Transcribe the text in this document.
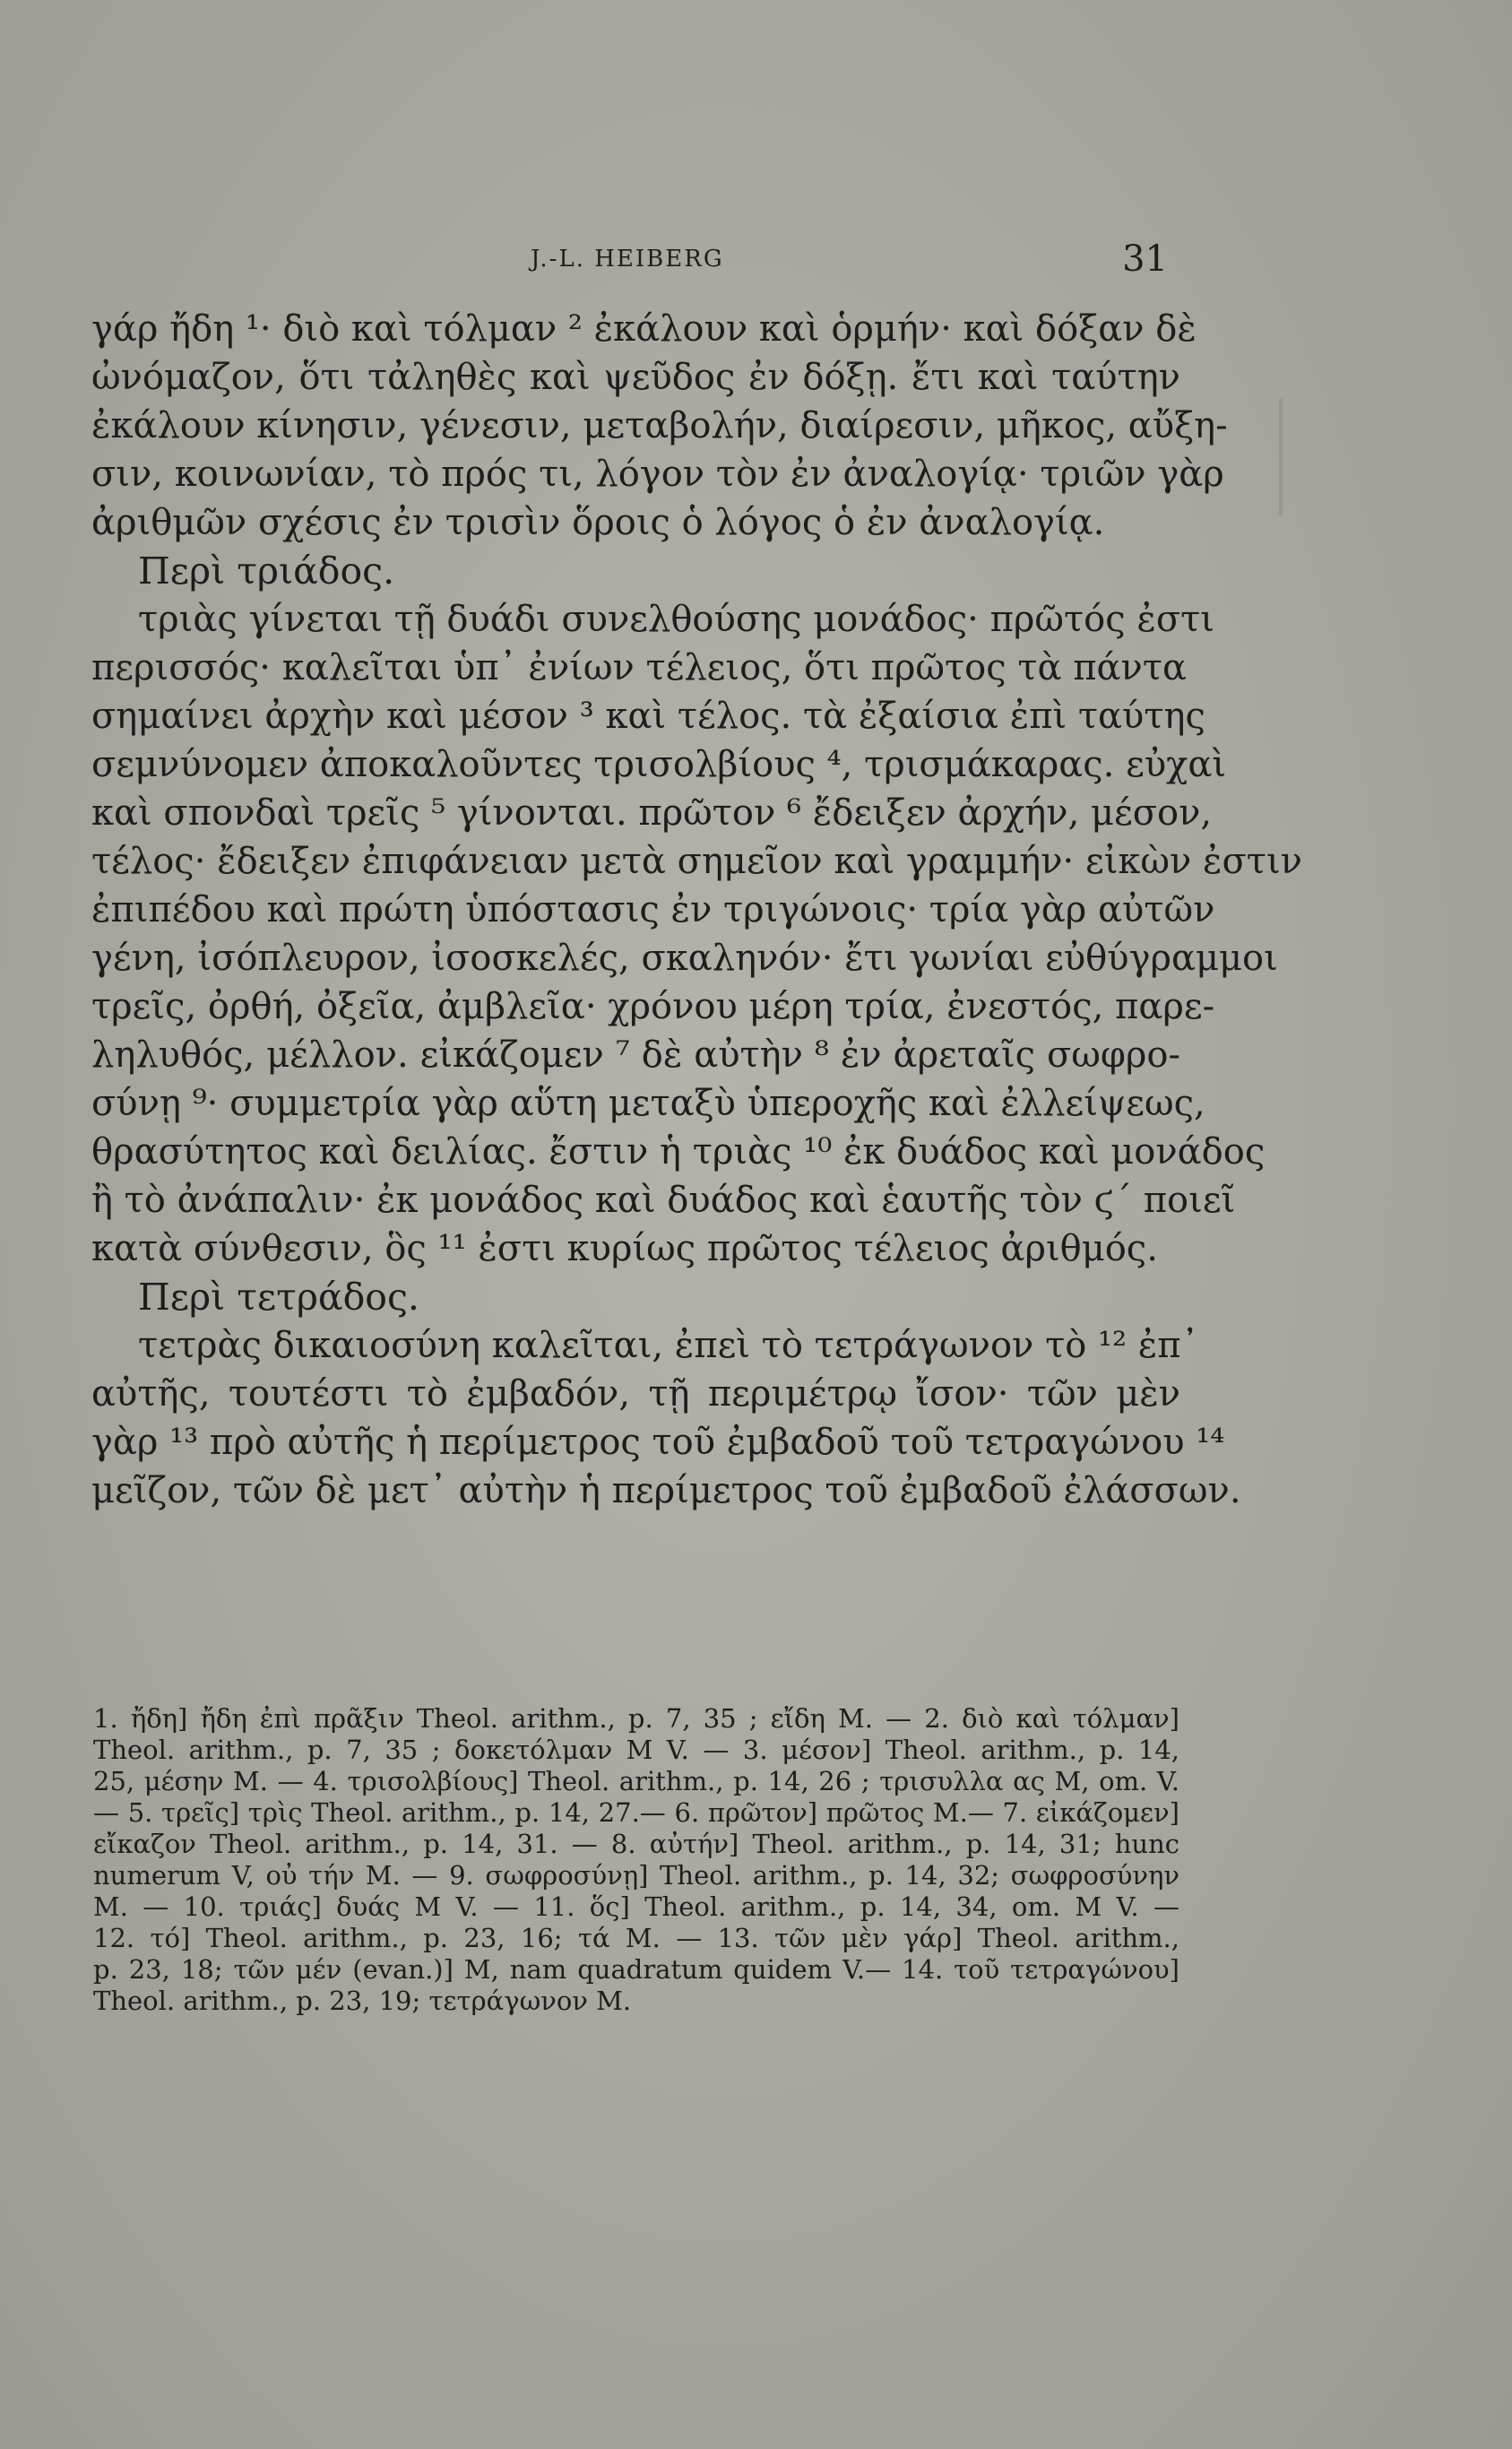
J.-L. HEIBERG	31
γάρ ἤδη ¹· διὸ καὶ τόλμαν ² ἐκάλουν καὶ ὁρμήν· καὶ δόξαν δὲ
ὠνόμαζον, ὅτι τἀληθὲς καὶ ψεῦδος ἐν δόξῃ. ἔτι καὶ ταύτην
ἐκάλουν κίνησιν, γένεσιν, μεταβολήν, διαίρεσιν, μῆκος, αὔξη-
σιν, κοινωνίαν, τὸ πρός τι, λόγον τὸν ἐν ἀναλογίᾳ· τριῶν γὰρ
ἀριθμῶν σχέσις ἐν τρισὶν ὅροις ὁ λόγος ὁ ἐν ἀναλογίᾳ.
Περὶ τριάδος.
τριὰς γίνεται τῇ δυάδι συνελθούσης μονάδος· πρῶτός ἐστι
περισσός· καλεῖται ὑπ᾿ ἐνίων τέλειος, ὅτι πρῶτος τὰ πάντα
σημαίνει ἀρχὴν καὶ μέσον ³ καὶ τέλος. τὰ ἐξαίσια ἐπὶ ταύτης
σεμνύνομεν ἀποκαλοῦντες τρισολβίους ⁴, τρισμάκαρας. εὐχαὶ
καὶ σπονδαὶ τρεῖς ⁵ γίνονται. πρῶτον ⁶ ἔδειξεν ἀρχήν, μέσον,
τέλος· ἔδειξεν ἐπιφάνειαν μετὰ σημεῖον καὶ γραμμήν· εἰκὼν ἐστιν
ἐπιπέδου καὶ πρώτη ὑπόστασις ἐν τριγώνοις· τρία γὰρ αὐτῶν
γένη, ἰσόπλευρον, ἰσοσκελές, σκαληνόν· ἔτι γωνίαι εὐθύγραμμοι
τρεῖς, ὀρθή, ὀξεῖα, ἀμβλεῖα· χρόνου μέρη τρία, ἐνεστός, παρε-
ληλυθός, μέλλον. εἰκάζομεν ⁷ δὲ αὐτὴν ⁸ ἐν ἀρεταῖς σωφρο-
σύνῃ ⁹· συμμετρία γὰρ αὕτη μεταξὺ ὑπεροχῆς καὶ ἐλλείψεως,
θρασύτητος καὶ δειλίας. ἔστιν ἡ τριὰς ¹⁰ ἐκ δυάδος καὶ μονάδος
ἢ τὸ ἀνάπαλιν· ἐκ μονάδος καὶ δυάδος καὶ ἑαυτῆς τὸν ϛ΄ ποιεῖ
κατὰ σύνθεσιν, ὃς ¹¹ ἐστι κυρίως πρῶτος τέλειος ἀριθμός.
Περὶ τετράδος.
τετρὰς δικαιοσύνη καλεῖται, ἐπεὶ τὸ τετράγωνον τὸ ¹² ἐπ᾿
αὐτῆς, τουτέστι τὸ ἐμβαδόν, τῇ περιμέτρῳ ἴσον· τῶν μὲν
γὰρ ¹³ πρὸ αὐτῆς ἡ περίμετρος τοῦ ἐμβαδοῦ τοῦ τετραγώνου ¹⁴
μεῖζον, τῶν δὲ μετ᾿ αὐτὴν ἡ περίμετρος τοῦ ἐμβαδοῦ ἐλάσσων.
1. ἤδη] ἤδη ἐπὶ πρᾶξιν Theol. arithm., p. 7, 35 ; εἴδη M. — 2. διὸ καὶ τόλμαν]
Theol. arithm., p. 7, 35 ; δοκετόλμαν M V. — 3. μέσον] Theol. arithm., p. 14,
25, μέσην M. — 4. τρισολβίους] Theol. arithm., p. 14, 26 ; τρισυλλα ας M, om. V.
— 5. τρεῖς] τρὶς Theol. arithm., p. 14, 27.— 6. πρῶτον] πρῶτος M.— 7. εἰκάζομεν]
εἴκαζον Theol. arithm., p. 14, 31. — 8. αὐτήν] Theol. arithm., p. 14, 31; hunc
numerum V, οὐ τήν M. — 9. σωφροσύνῃ] Theol. arithm., p. 14, 32; σωφροσύνην
M. — 10. τριάς] δυάς M V. — 11. ὅς] Theol. arithm., p. 14, 34, om. M V. —
12. τό] Theol. arithm., p. 23, 16; τά M. — 13. τῶν μὲν γάρ] Theol. arithm.,
p. 23, 18; τῶν μέν (evan.)] M, nam quadratum quidem V.— 14. τοῦ τετραγώνου]
Theol. arithm., p. 23, 19; τετράγωνον M.
